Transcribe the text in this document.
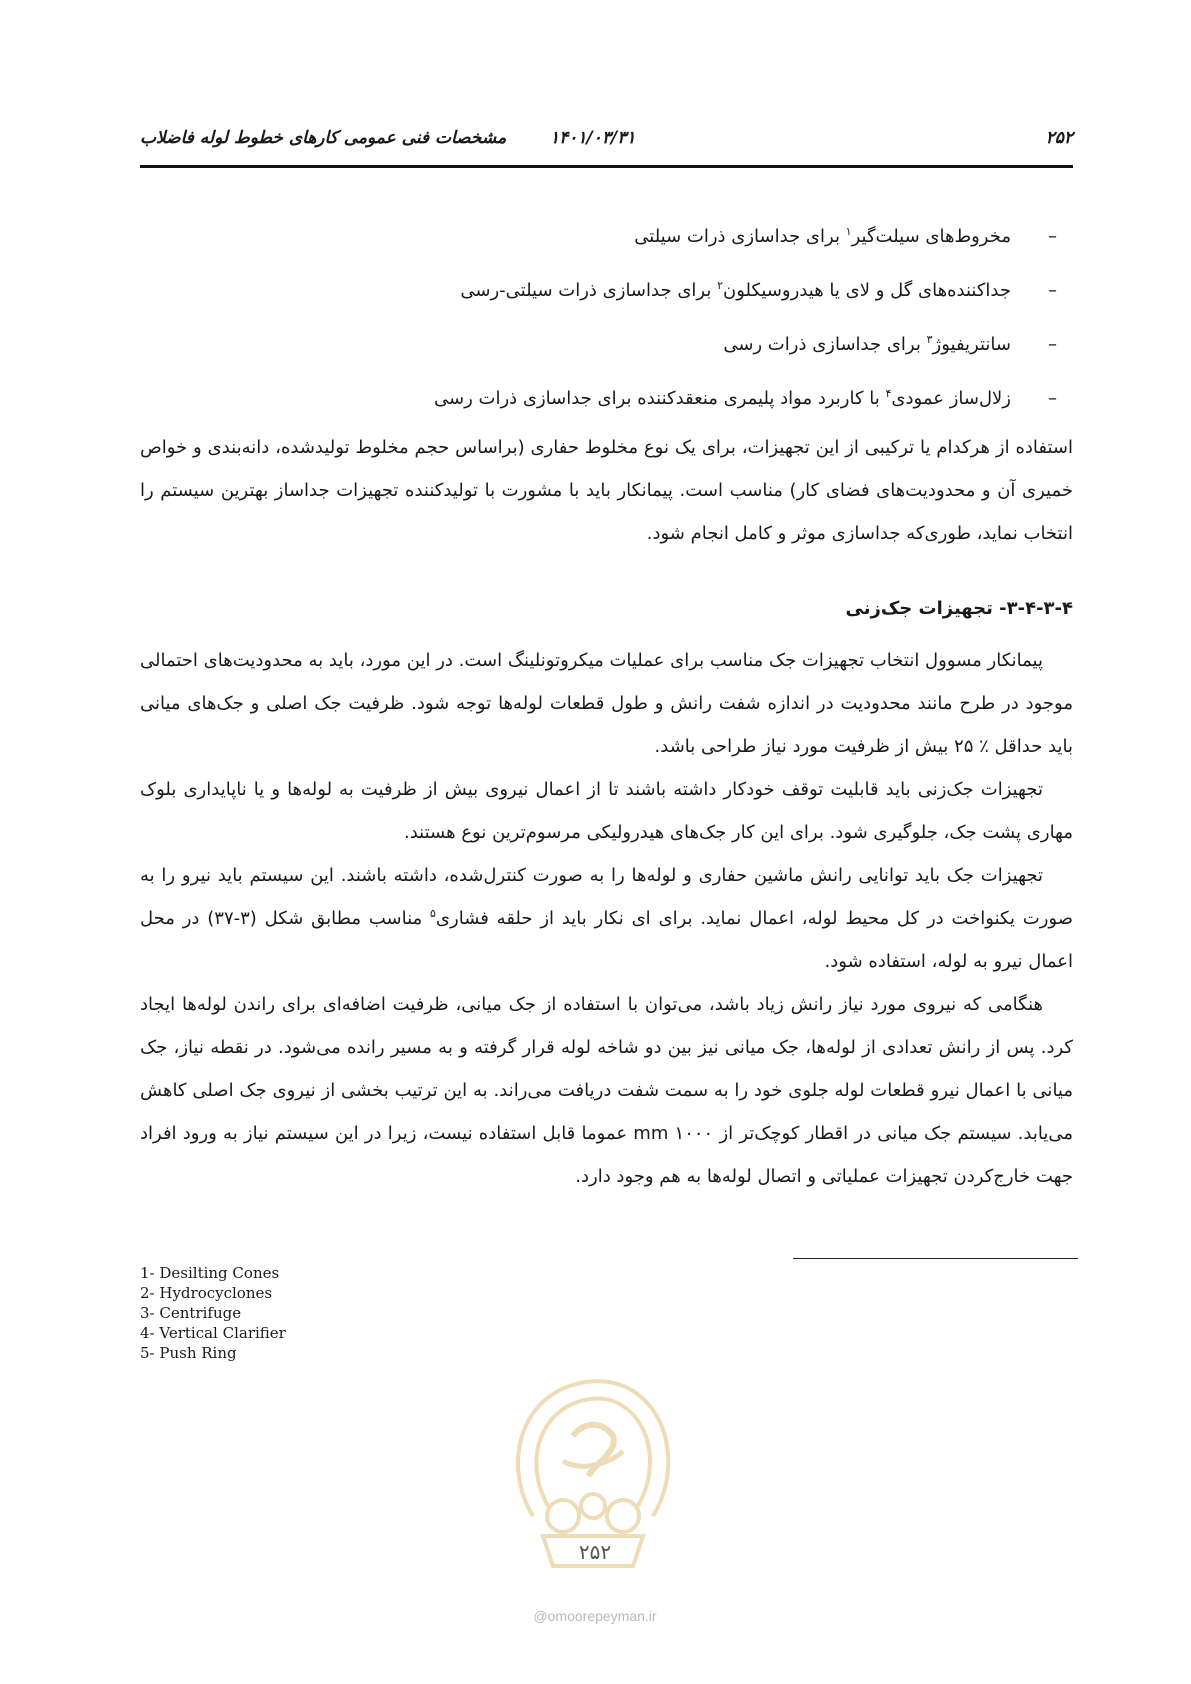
۲۵۲
۱۴۰۱/۰۳/۳۱
مشخصات فنی عمومی کارهای خطوط لوله فاضلاب
–
مخروط‌های سیلت‌گیر$^۱$ برای جداسازی ذرات سیلتی
–
جداکننده‌های گل و لای یا هیدروسیکلون$^۲$ برای جداسازی ذرات سیلتی-رسی
–
سانتریفیوژ$^۳$ برای جداسازی ذرات رسی
–
زلال‌ساز عمودی$^۴$ با کاربرد مواد پلیمری منعقدکننده برای جداسازی ذرات رسی

استفاده از هرکدام یا ترکیبی از این تجهیزات، برای یک نوع مخلوط حفاری (براساس حجم مخلوط تولیدشده، دانه‌بندی و خواص خمیری آن و محدودیت‌های فضای کار) مناسب است. پیمانکار باید با مشورت با تولیدکننده تجهیزات جداساز بهترین سیستم را انتخاب نماید، طوری‌که جداسازی موثر و کامل انجام شود.

۳-۴-۳-۴- تجهیزات جک‌زنی

پیمانکار مسوول انتخاب تجهیزات جک مناسب برای عملیات میکروتونلینگ است. در این مورد، باید به محدودیت‌های احتمالی موجود در طرح مانند محدودیت در اندازه شفت رانش و طول قطعات لوله‌ها توجه شود. ظرفیت جک اصلی و جک‌های میانی باید حداقل ٪ ۲۵ بیش از ظرفیت مورد نیاز طراحی باشد.

تجهیزات جک‌زنی باید قابلیت توقف خودکار داشته باشند تا از اعمال نیروی بیش از ظرفیت به لوله‌ها و یا ناپایداری بلوک مهاری پشت جک، جلوگیری شود. برای این کار جک‌های هیدرولیکی مرسوم‌ترین نوع هستند.

تجهیزات جک باید توانایی رانش ماشین حفاری و لوله‌ها را به صورت کنترل‌شده، داشته باشند. این سیستم باید نیرو را به صورت یکنواخت در کل محیط لوله، اعمال نماید. برای ای نکار باید از حلقه فشاری$^۵$ مناسب مطابق شکل (۳-۳۷) در محل اعمال نیرو به لوله، استفاده شود.

هنگامی که نیروی مورد نیاز رانش زیاد باشد، می‌توان با استفاده از جک میانی، ظرفیت اضافه‌ای برای راندن لوله‌ها ایجاد کرد. پس از رانش تعدادی از لوله‌ها، جک میانی نیز بین دو شاخه لوله قرار گرفته و به مسیر رانده می‌شود. در نقطه نیاز، جک میانی با اعمال نیرو قطعات لوله جلوی خود را به سمت شفت دریافت می‌راند. به این ترتیب بخشی از نیروی جک اصلی کاهش می‌یابد. سیستم جک میانی در اقطار کوچک‌تر از mm ۱۰۰۰ عموما قابل استفاده نیست، زیرا در این سیستم نیاز به ورود افراد جهت خارج‌کردن تجهیزات عملیاتی و اتصال لوله‌ها به هم وجود دارد.

1- Desilting Cones
2- Hydrocyclones
3- Centrifuge
4- Vertical Clarifier
5- Push Ring
۲۵۲
@omoorepeyman.ir
